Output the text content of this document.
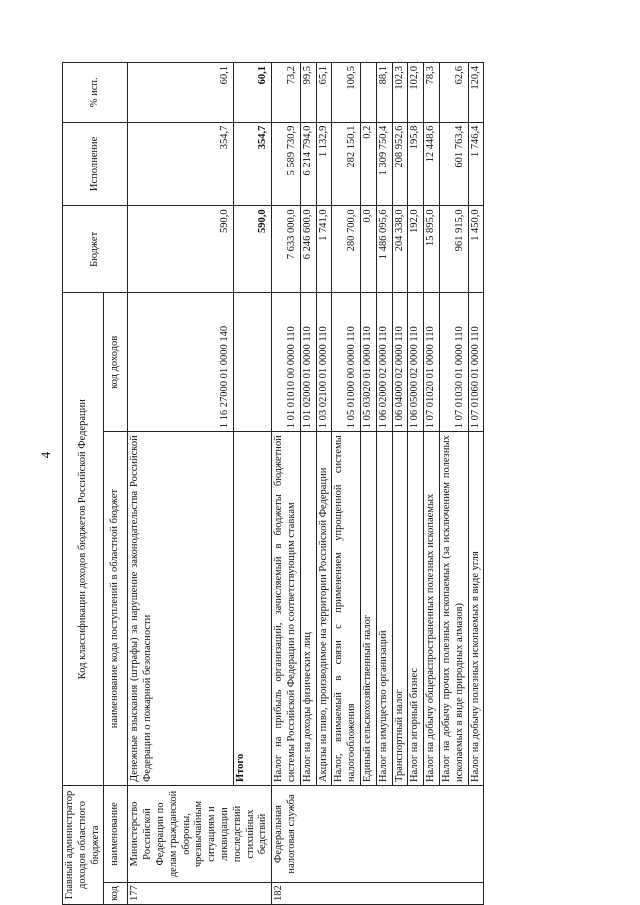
4
Главный администратор доходов областного бюджета		Код классификации доходов бюджетов Российской Федерации		Бюджет	Исполнение	% исп.
код	наименование	наименование кода поступлений в областной бюджет	код доходов			
177	Министерство Российской Федерации по делам гражданской обороны, чрезвычайным ситуациям и ликвидации последствий стихийных бедствий	Денежные взыскания (штрафы) за нарушение законодательства Российской Федерации о пожарной безопасности	1 16 27000 01 0000 140	590,0	354,7	60,1
		Итого		590,0	354,7	60,1
182	Федеральная налоговая служба	Налог на прибыль организаций, зачисляемый в бюджеты бюджетной системы Российской Федерации по соответствующим ставкам	1 01 01010 00 0000 110	7 633 000,0	5 589 730,9	73,2
		Налог на доходы физических лиц	1 01 02000 01 0000 110	6 246 600,0	6 214 794,0	99,5
		Акцизы на пиво, производимое на территории Российской Федерации	1 03 02100 01 0000 110	1 741,0	1 132,9	65,1
		Налог, взимаемый в связи с применением упрощенной системы налогообложения	1 05 01000 00 0000 110	280 700,0	282 150,1	100,5
		Единый сельскохозяйственный налог	1 05 03020 01 0000 110	0,0	0,2	
		Налог на имущество организаций	1 06 02000 02 0000 110	1 486 095,6	1 309 750,4	88,1
		Транспортный налог	1 06 04000 02 0000 110	204 338,0	208 952,6	102,3
		Налог на игорный бизнес	1 06 05000 02 0000 110	192,0	195,8	102,0
		Налог на добычу общераспространенных полезных ископаемых	1 07 01020 01 0000 110	15 895,0	12 448,6	78,3
		Налог на добычу прочих полезных ископаемых (за исключением полезных ископаемых в виде природных алмазов)	1 07 01030 01 0000 110	961 915,0	601 763,4	62,6
		Налог на добычу полезных ископаемых в виде угля	1 07 01060 01 0000 110	1 450,0	1 746,4	120,4
